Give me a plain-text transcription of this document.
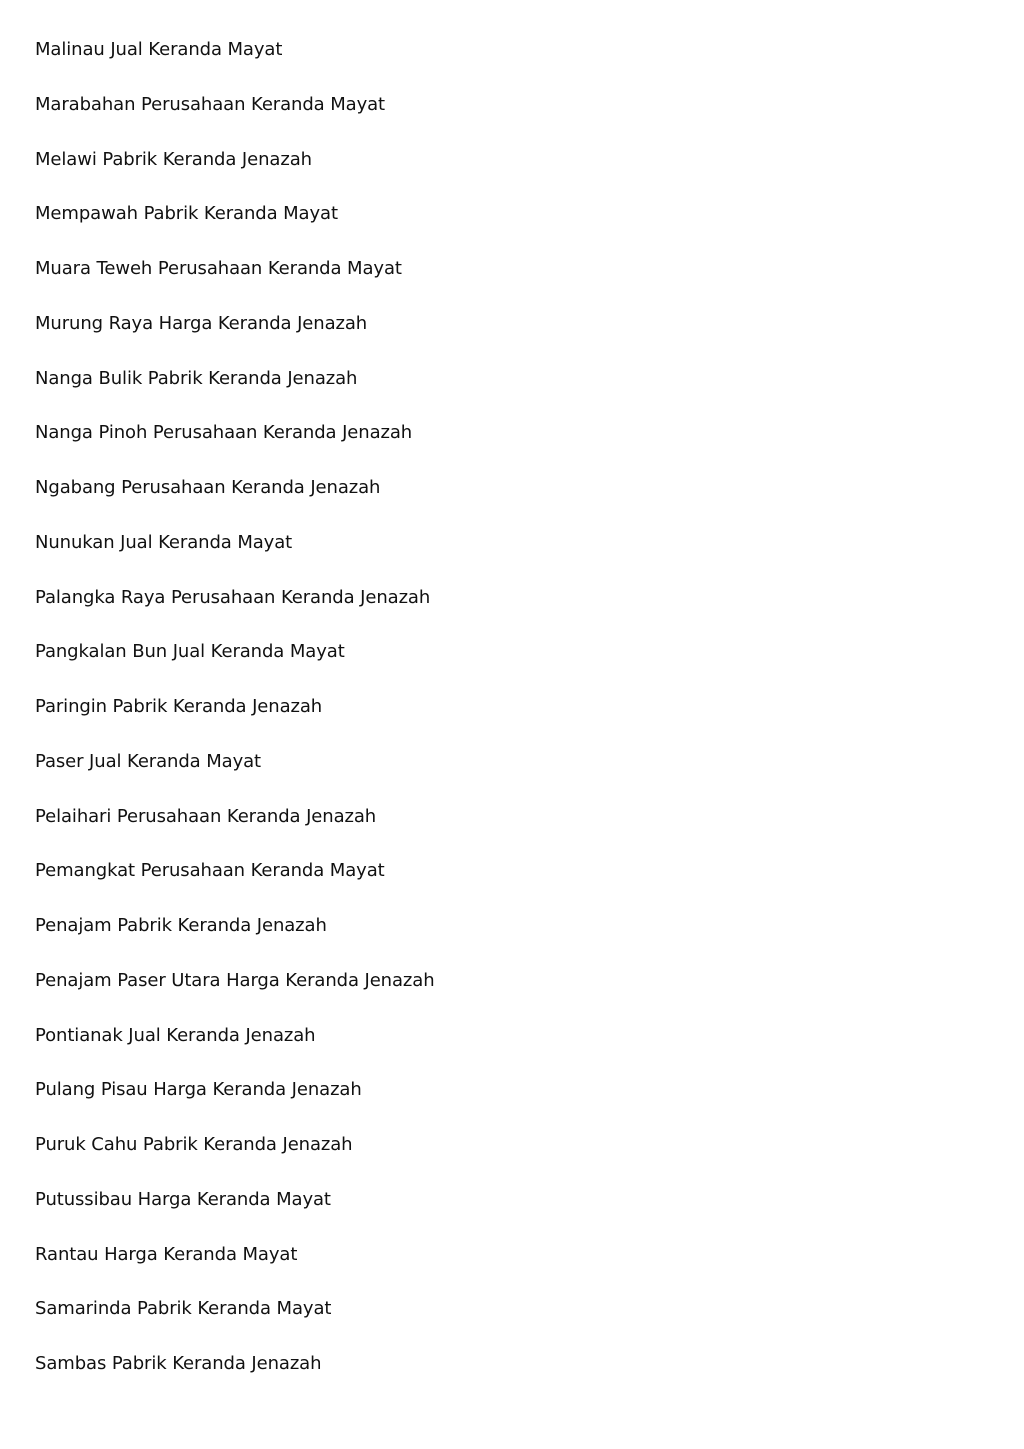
Malinau Jual Keranda Mayat
Marabahan Perusahaan Keranda Mayat
Melawi Pabrik Keranda Jenazah
Mempawah Pabrik Keranda Mayat
Muara Teweh Perusahaan Keranda Mayat
Murung Raya Harga Keranda Jenazah
Nanga Bulik Pabrik Keranda Jenazah
Nanga Pinoh Perusahaan Keranda Jenazah
Ngabang Perusahaan Keranda Jenazah
Nunukan Jual Keranda Mayat
Palangka Raya Perusahaan Keranda Jenazah
Pangkalan Bun Jual Keranda Mayat
Paringin Pabrik Keranda Jenazah
Paser Jual Keranda Mayat
Pelaihari Perusahaan Keranda Jenazah
Pemangkat Perusahaan Keranda Mayat
Penajam Pabrik Keranda Jenazah
Penajam Paser Utara Harga Keranda Jenazah
Pontianak Jual Keranda Jenazah
Pulang Pisau Harga Keranda Jenazah
Puruk Cahu Pabrik Keranda Jenazah
Putussibau Harga Keranda Mayat
Rantau Harga Keranda Mayat
Samarinda Pabrik Keranda Mayat
Sambas Pabrik Keranda Jenazah
